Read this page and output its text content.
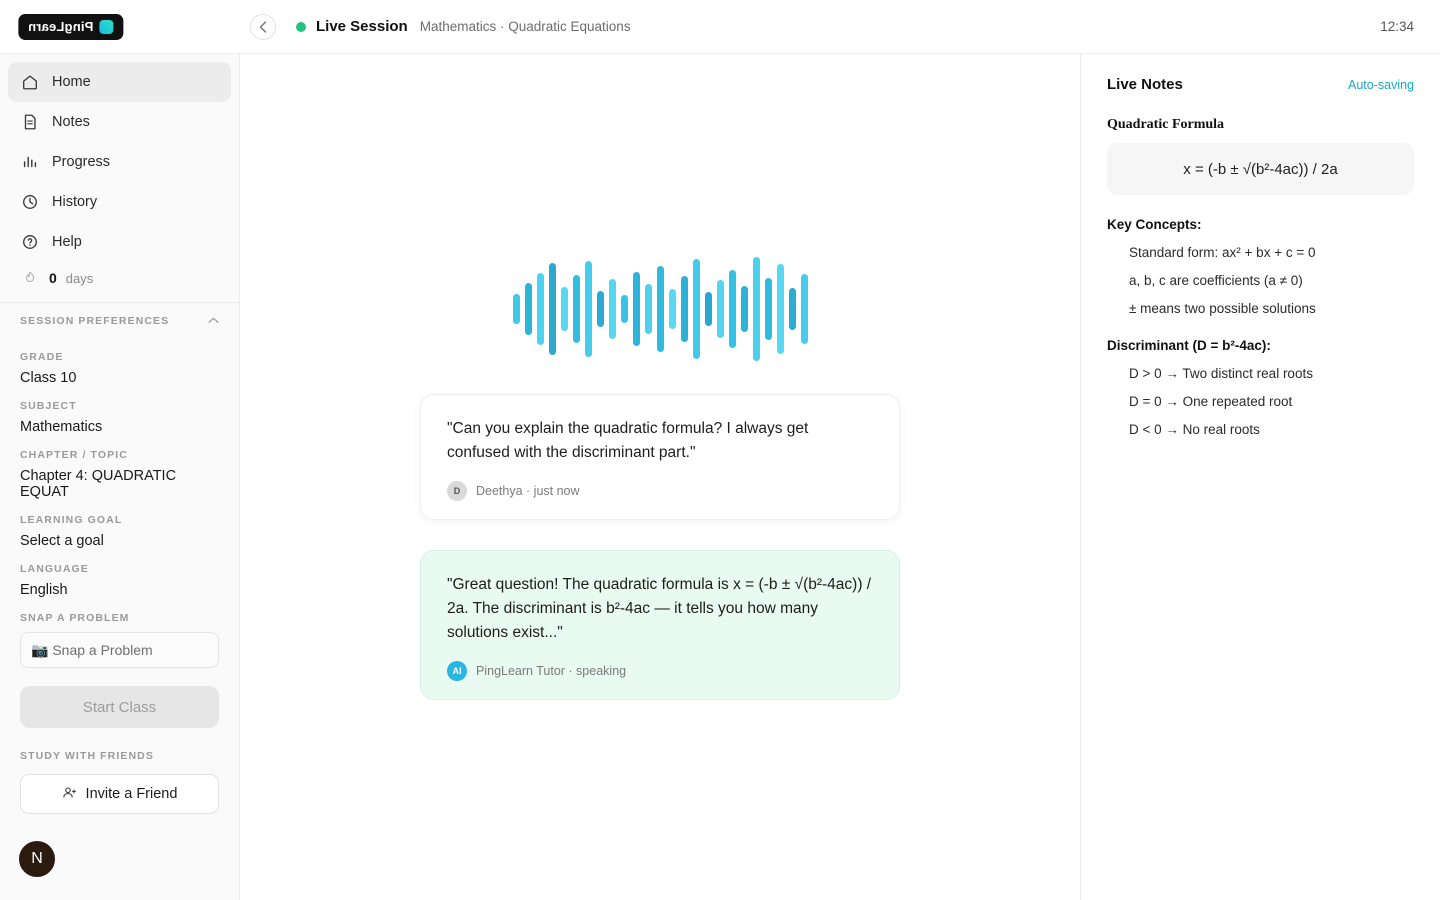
PingLearn	Live Session Mathematics · Quadratic Equations	12:34
Home
Notes
Progress
History
Help
0 days
SESSION PREFERENCES
GRADE
Class 10
SUBJECT
Mathematics
CHAPTER / TOPIC
Chapter 4: QUADRATIC EQUAT
LEARNING GOAL
Select a goal
LANGUAGE
English
SNAP A PROBLEM
📷 Snap a Problem
Start Class
STUDY WITH FRIENDS
Invite a Friend
N
"Can you explain the quadratic formula? I always get confused with the discriminant part."
D	Deethya · just now
"Great question! The quadratic formula is x = (-b ± √(b²-4ac)) / 2a. The discriminant is b²-4ac — it tells you how many solutions exist..."
AI	PingLearn Tutor · speaking
Live Notes	Auto-saving
Quadratic Formula
x = (-b ± √(b²-4ac)) / 2a
Key Concepts:
Standard form: ax² + bx + c = 0
a, b, c are coefficients (a ≠ 0)
± means two possible solutions
Discriminant (D = b²-4ac):
D > 0 → Two distinct real roots
D = 0 → One repeated root
D < 0 → No real roots
